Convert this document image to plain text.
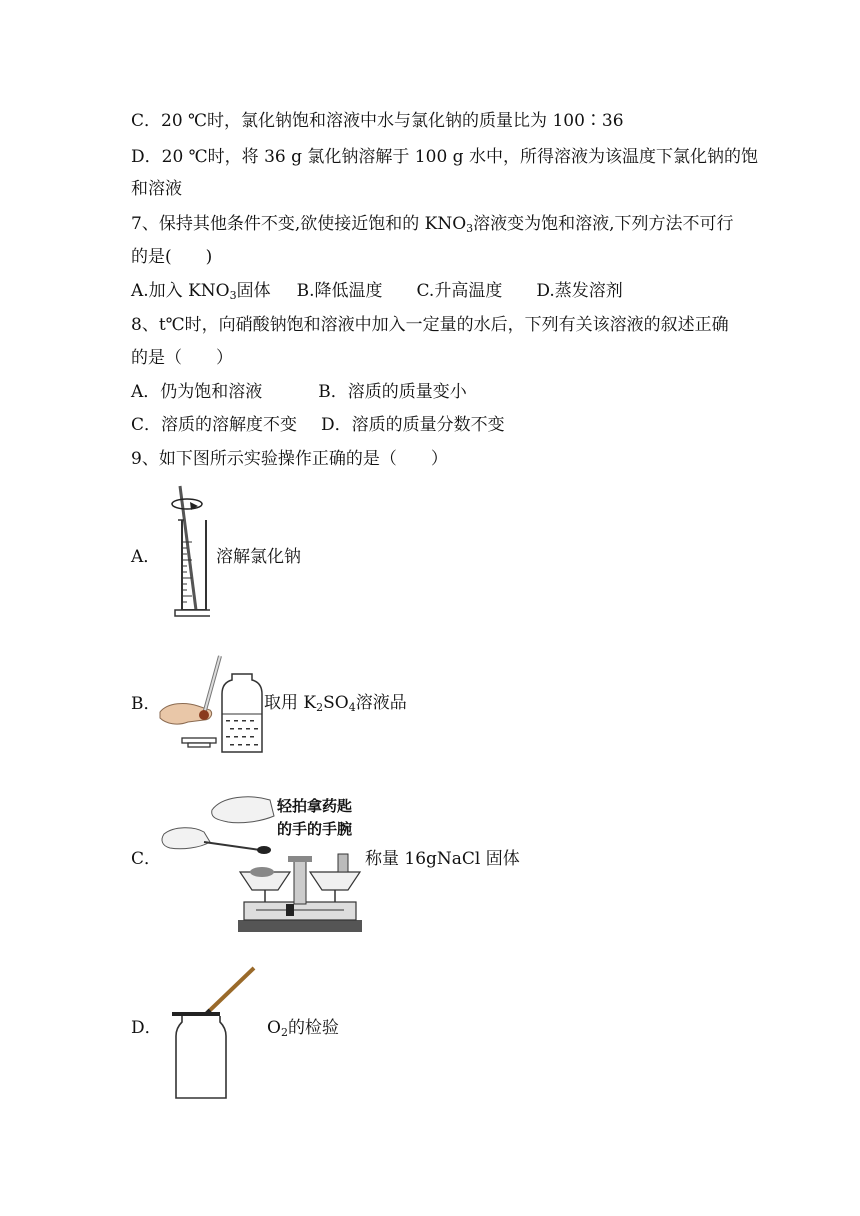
C．20 ℃时，氯化钠饱和溶液中水与氯化钠的质量比为 100∶36
D．20 ℃时，将 36 g 氯化钠溶解于 100 g 水中，所得溶液为该温度下氯化钠的饱
和溶液
7、保持其他条件不变,欲使接近饱和的 $KNO_3$溶液变为饱和溶液,下列方法不可行
的是(　　)
A.加入 $KNO_3$固体 B.降低温度 C.升高温度 D.蒸发溶剂
8、t℃时，向硝酸钠饱和溶液中加入一定量的水后，下列有关该溶液的叙述正确
的是（　　）
A．仍为饱和溶液	B．溶质的质量变小
C．溶质的溶解度不变 D．溶质的质量分数不变
9、如下图所示实验操作正确的是（　　）
A．	溶解氯化钠
B．	取用 $K_2SO_4$溶液品
C．
轻拍拿药匙
的手的手腕
称量 16gNaCl 固体
D．	$O_2$的检验
